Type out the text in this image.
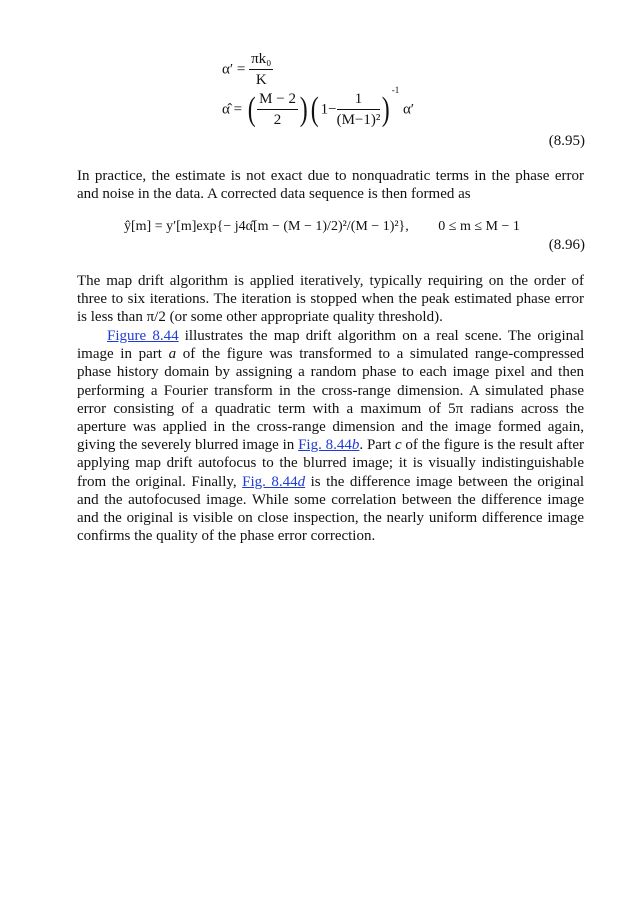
$\alpha' = \frac{\text{πk₀}}{K}$
α̂ = ( $\frac{M - 2}{2}$ )( $1- \frac{1}{\text{(M−1)²}} )^{-1}$ α′
(8.95)

In practice, the estimate is not exact due to nonquadratic terms in the phase error and noise in the data. A corrected data sequence is then formed as

ŷ[m] = y′[m]exp{− j4α̂[m − (M − 1)/2)²/(M − 1)²}, 0 ≤ m ≤ M − 1
(8.96)

The map drift algorithm is applied iteratively, typically requiring on the order of three to six iterations. The iteration is stopped when the peak estimated phase error is less than π/2 (or some other appropriate quality threshold).

Figure 8.44 illustrates the map drift algorithm on a real scene. The original image in part a of the figure was transformed to a simulated range-compressed phase history domain by assigning a random phase to each image pixel and then performing a Fourier transform in the cross-range dimension. A simulated phase error consisting of a quadratic term with a maximum of 5π radians across the aperture was applied in the cross-range dimension and the image formed again, giving the severely blurred image in Fig. 8.44b. Part c of the figure is the result after applying map drift autofocus to the blurred image; it is visually indistinguishable from the original. Finally, Fig. 8.44d is the difference image between the original and the autofocused image. While some correlation between the difference image and the original is visible on close inspection, the nearly uniform difference image confirms the quality of the phase error correction.
